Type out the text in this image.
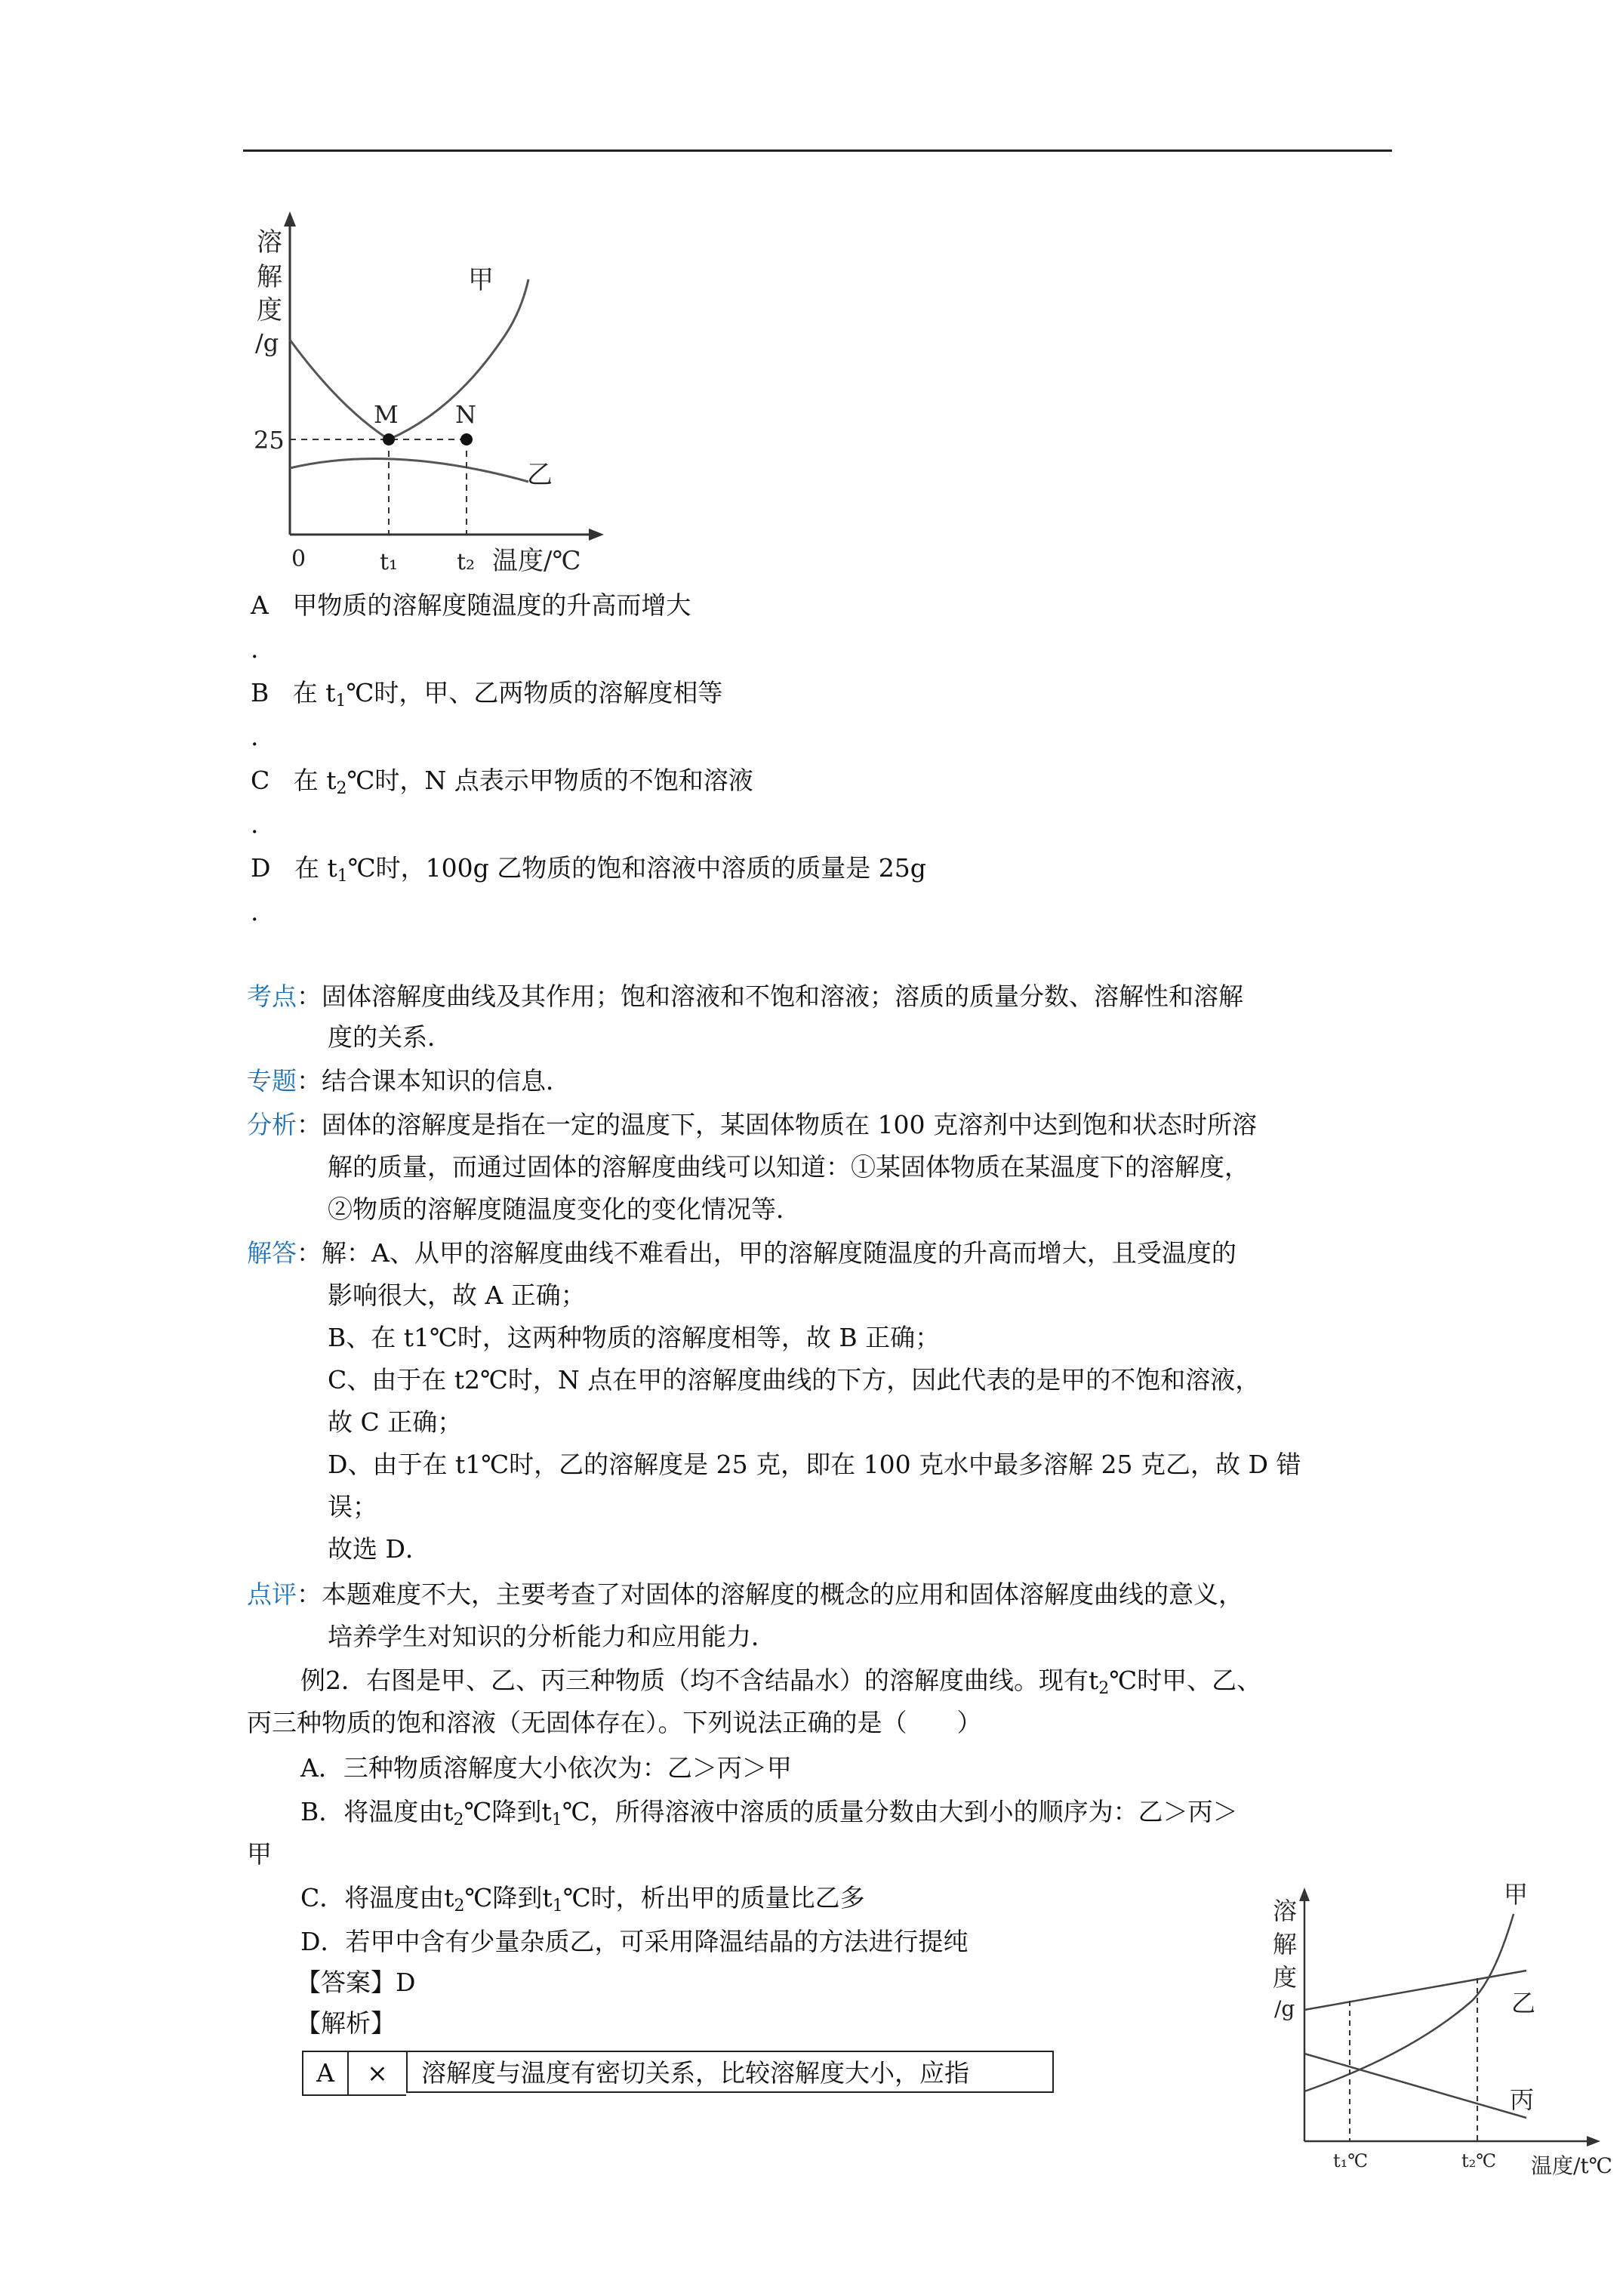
溶
解
度
/g
25
0	t₁	t₂ 温度/℃
甲
乙
M N
A 甲物质的溶解度随温度的升高而增大
.
B 在 $t_1℃$时，甲、乙两物质的溶解度相等
.
C 在 $t_2℃$时，N 点表示甲物质的不饱和溶液
.
D 在 $t_1℃$时，100g 乙物质的饱和溶液中溶质的质量是 25g
.
考点：固体溶解度曲线及其作用；饱和溶液和不饱和溶液；溶质的质量分数、溶解性和溶解
度的关系．
专题：结合课本知识的信息．
分析：固体的溶解度是指在一定的温度下，某固体物质在 100 克溶剂中达到饱和状态时所溶
解的质量，而通过固体的溶解度曲线可以知道：①某固体物质在某温度下的溶解度，
②物质的溶解度随温度变化的变化情况等．
解答：解：A、从甲的溶解度曲线不难看出，甲的溶解度随温度的升高而增大，且受温度的
影响很大，故 A 正确；
B、在 t1℃时，这两种物质的溶解度相等，故 B 正确；
C、由于在 t2℃时，N 点在甲的溶解度曲线的下方，因此代表的是甲的不饱和溶液，
故 C 正确；
D、由于在 t1℃时，乙的溶解度是 25 克，即在 100 克水中最多溶解 25 克乙，故 D 错
误；
故选 D．
点评：本题难度不大，主要考查了对固体的溶解度的概念的应用和固体溶解度曲线的意义，
培养学生对知识的分析能力和应用能力．
例2．右图是甲、乙、丙三种物质（均不含结晶水）的溶解度曲线。现有$t_2℃$时甲、乙、
丙三种物质的饱和溶液（无固体存在）。下列说法正确的是（　　）
A．三种物质溶解度大小依次为：乙＞丙＞甲
B．将温度由$t_2℃$降到$t_1℃$，所得溶液中溶质的质量分数由大到小的顺序为：乙＞丙＞
甲
C．将温度由$t_2℃$降到$t_1℃$时，析出甲的质量比乙多
D．若甲中含有少量杂质乙，可采用降温结晶的方法进行提纯
【答案】D
【解析】
A	×	溶解度与温度有密切关系，比较溶解度大小，应指
溶
解
度
/g
甲
乙
丙
t₁℃	t₂℃ 温度/t℃
